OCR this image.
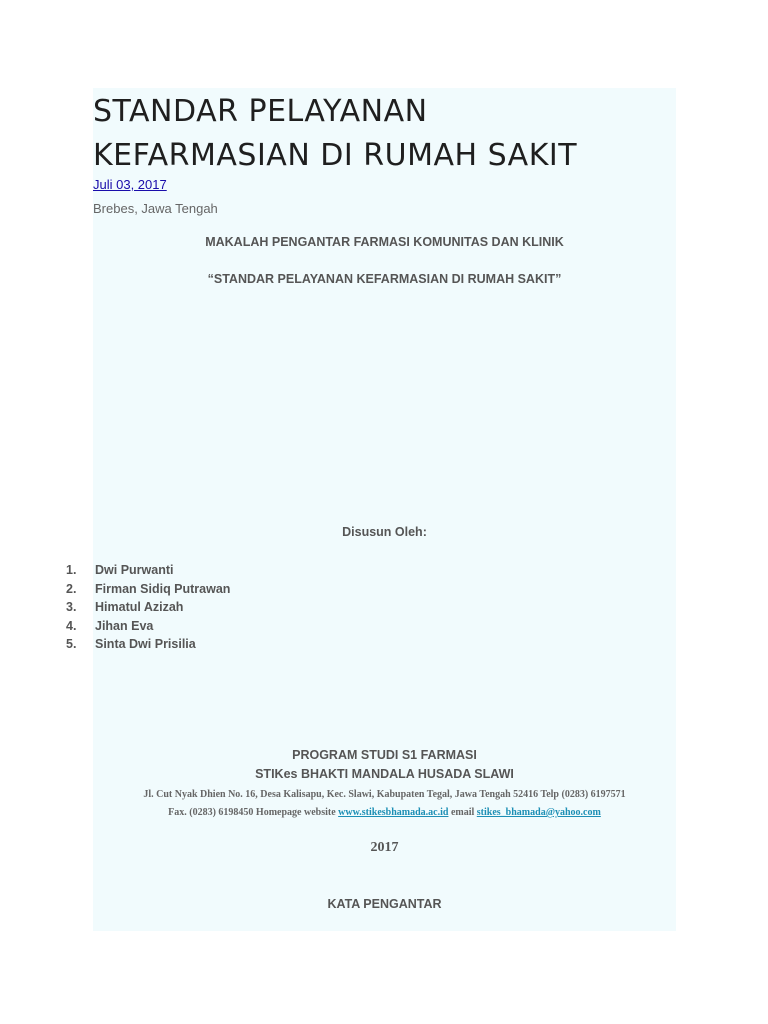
STANDAR PELAYANAN
KEFARMASIAN DI RUMAH SAKIT
Juli 03, 2017
Brebes, Jawa Tengah
MAKALAH PENGANTAR FARMASI KOMUNITAS DAN KLINIK
“STANDAR PELAYANAN KEFARMASIAN DI RUMAH SAKIT”
Disusun Oleh:
1. Dwi Purwanti
2. Firman Sidiq Putrawan
3. Himatul Azizah
4. Jihan Eva
5. Sinta Dwi Prisilia
PROGRAM STUDI S1 FARMASI
STIKes BHAKTI MANDALA HUSADA SLAWI
Jl. Cut Nyak Dhien No. 16, Desa Kalisapu, Kec. Slawi, Kabupaten Tegal, Jawa Tengah 52416 Telp (0283) 6197571
Fax. (0283) 6198450 Homepage website www.stikesbhamada.ac.id email stikes_bhamada@yahoo.com
2017
KATA PENGANTAR
